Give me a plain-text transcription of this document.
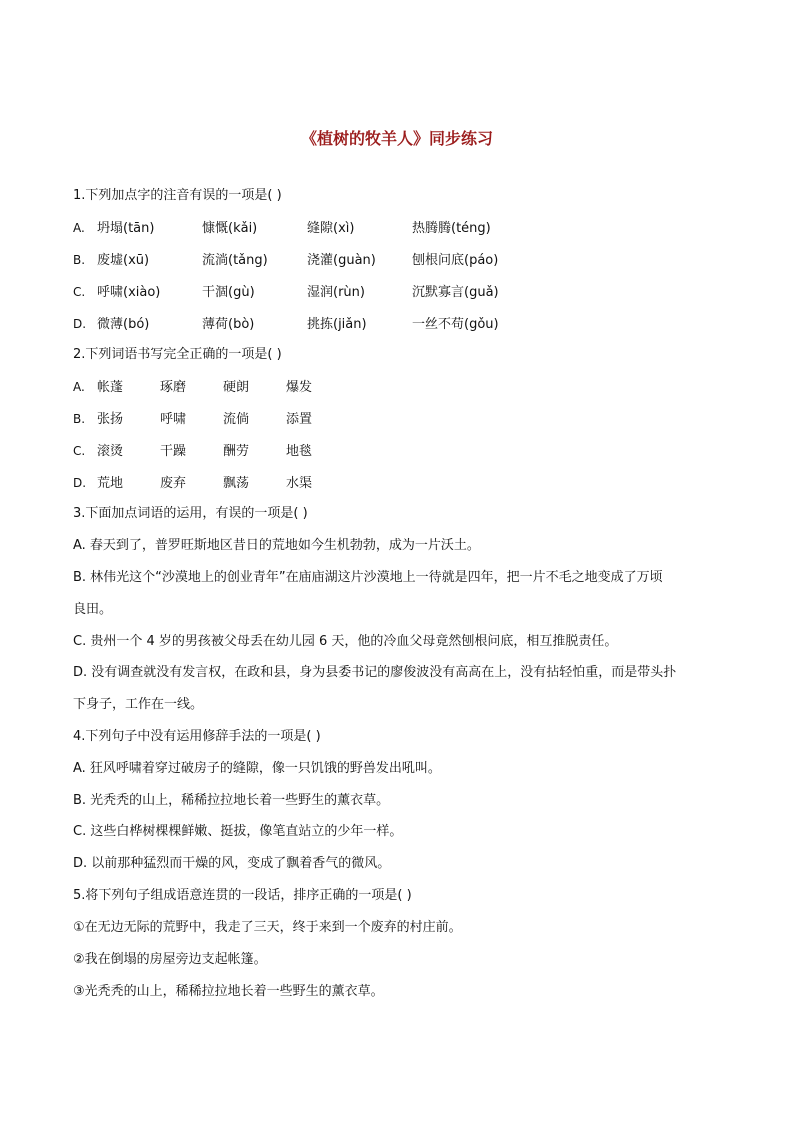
《植树的牧羊人》同步练习
1.下列加点字的注音有误的一项是( )
A. 坍塌(tān)	慷慨(kǎi)	缝隙(xì)	热腾腾(téng)
B. 废墟(xū)	流淌(tǎng)	浇灌(guàn)	刨根问底(páo)
C. 呼啸(xiào)	干涸(gù)	湿润(rùn)	沉默寡言(guǎ)
D. 微薄(bó)	薄荷(bò)	挑拣(jiǎn)	一丝不苟(gǒu)
2.下列词语书写完全正确的一项是( )
A. 帐蓬	琢磨	硬朗	爆发
B. 张扬	呼啸	流倘	添置
C. 滚烫	干躁	酬劳	地毯
D. 荒地	废弃	飘荡	水渠
3.下面加点词语的运用，有误的一项是( )
A. 春天到了，普罗旺斯地区昔日的荒地如今生机勃勃，成为一片沃土。
B. 林伟光这个“沙漠地上的创业青年”在庙庙湖这片沙漠地上一待就是四年，把一片不毛之地变成了万顷
良田。
C. 贵州一个 4 岁的男孩被父母丢在幼儿园 6 天，他的冷血父母竟然刨根问底，相互推脱责任。
D. 没有调查就没有发言权，在政和县，身为县委书记的廖俊波没有高高在上，没有拈轻怕重，而是带头扑
下身子，工作在一线。
4.下列句子中没有运用修辞手法的一项是( )
A. 狂风呼啸着穿过破房子的缝隙，像一只饥饿的野兽发出吼叫。
B. 光秃秃的山上，稀稀拉拉地长着一些野生的薰衣草。
C. 这些白桦树棵棵鲜嫩、挺拔，像笔直站立的少年一样。
D. 以前那种猛烈而干燥的风，变成了飘着香气的微风。
5.将下列句子组成语意连贯的一段话，排序正确的一项是( )
①在无边无际的荒野中，我走了三天，终于来到一个废弃的村庄前。
②我在倒塌的房屋旁边支起帐篷。
③光秃秃的山上，稀稀拉拉地长着一些野生的薰衣草。
